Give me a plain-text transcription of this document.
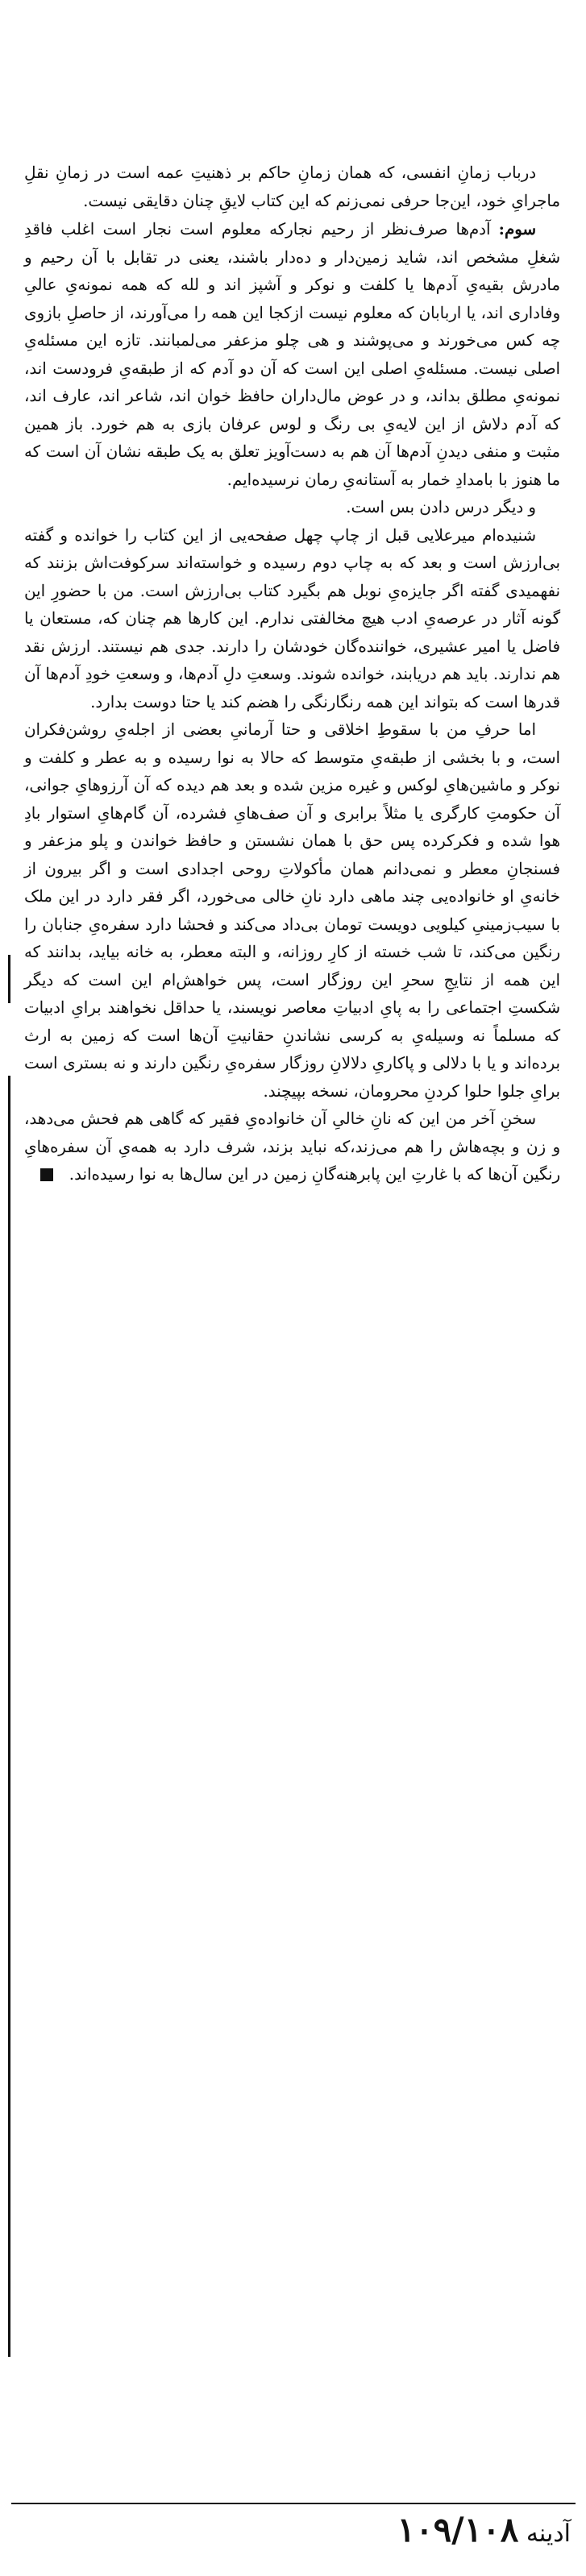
درباب زمانِ انفسی، که همان زمانِ حاکم بر ذهنیتِ عمه است در زمانِ نقلِ ماجرایِ خود، این‌جا حرفی نمی‌زنم که این کتاب لایقِ چنان دقایقی نیست.

سوم: آدم‌ها صرف‌نظر از رحیم نجارکه معلوم است نجار است اغلب فاقدِ شغلِ مشخص اند، شاید زمین‌دار و ده‌دار باشند، یعنی در تقابل با آن رحیم و مادرش بقیه‌یِ آدم‌ها یا کلفت و نوکر و آشپز اند و لله که همه نمونه‌یِ عالیِ وفاداری اند، یا اربابان که معلوم نیست ازکجا این همه را می‌آورند، از حاصلِ بازوی چه کس می‌خورند و می‌پوشند و هی چلو مزعفر می‌لمبانند. تازه این مسئله‌یِ اصلی نیست. مسئله‌یِ اصلی این است که آن دو آدم که از طبقه‌یِ فرودست اند، نمونه‌یِ مطلق بداند، و در عوض مال‌داران حافظ خوان اند، شاعر اند، عارف اند، که آدم دلاش از این لایه‌یِ بی رنگ و لوس عرفان بازی به هم خورد. باز همین مثبت و منفی دیدنِ آدم‌ها آن هم به دست‌آویز تعلق به یک طبقه نشان آن است که ما هنوز با بامدادِ خمار به آستانه‌یِ رمان نرسیده‌ایم.

و دیگر درس دادن بس است.

شنیده‌ام میرعلایی قبل از چاپ چهل صفحه‌یی از این کتاب را خوانده و گفته بی‌ارزش است و بعد که به چاپ دوم رسیده و خواسته‌اند سرکوفت‌اش بزنند که نفهمیدی گفته اگر جایزه‌یِ نوبل هم بگیرد کتاب بی‌ارزش است. من با حضورِ این گونه آثار در عرصه‌یِ ادب هیچ مخالفتی ندارم. این کارها هم چنان که، مستعان یا فاضل یا امیر عشیری، خواننده‌گان خودشان را دارند. جدی هم نیستند. ارزش نقد هم ندارند. باید هم دریابند، خوانده شوند. وسعتِ دلِ آدم‌ها، و وسعتِ خودِ آدم‌ها آن قدرها است که بتواند این همه رنگارنگی را هضم کند یا حتا دوست بدارد.

اما حرفِ من با سقوطِ اخلاقی و حتا آرمانیِ بعضی از اجله‌یِ روشن‌فکران است، و با بخشی از طبقه‌یِ متوسط که حالا به نوا رسیده و به عطر و کلفت و نوکر و ماشین‌هایِ لوکس و غیره مزین شده و بعد هم دیده که آن آرزوهایِ جوانی، آن حکومتِ کارگری یا مثلاً برابری و آن صف‌هایِ فشرده، آن گام‌هایِ استوار بادِ هوا شده و فکرکرده پس حق با همان نشستن و حافظ خواندن و پلو مزعفر و فسنجانِ معطر و نمی‌دانم همان مأکولاتِ روحی اجدادی است و اگر بیرون از خانه‌یِ او خانواده‌یی چند ماهی دارد نانِ خالی می‌خورد، اگر فقر دارد در این ملک با سیب‌زمینیِ کیلویی دویست تومان بی‌داد می‌کند و فحشا دارد سفره‌یِ جنابان را رنگین می‌کند، تا شب خسته از کارِ روزانه، و البته معطر، به خانه بیاید، بدانند که این همه از نتایجِ سحرِ این روزگار است، پس خواهش‌ام این است که دیگر شکستِ اجتماعی را به پایِ ادبیاتِ معاصر نویسند، یا حداقل نخواهند برایِ ادبیات که مسلماً نه وسیله‌یِ به کرسی نشاندنِ حقانیتِ آن‌ها است که زمین به ارث برده‌اند و یا با دلالی و پاکاریِ دلالانِ روزگار سفره‌یِ رنگین دارند و نه بستری است برایِ جلوا حلوا کردنِ محرومان، نسخه بپیچند.

سخنِ آخر من این که نانِ خالیِ آن خانواده‌یِ فقیر که گاهی هم فحش می‌دهد، و زن و بچه‌هاش را هم می‌زند،که نباید بزند، شرف دارد به همه‌یِ آن سفره‌هایِ رنگین آن‌ها که با غارتِ این پابرهنه‌گانِ زمین در این سال‌ها به نوا رسیده‌اند.

آدینه ۱۰۹/۱۰۸
